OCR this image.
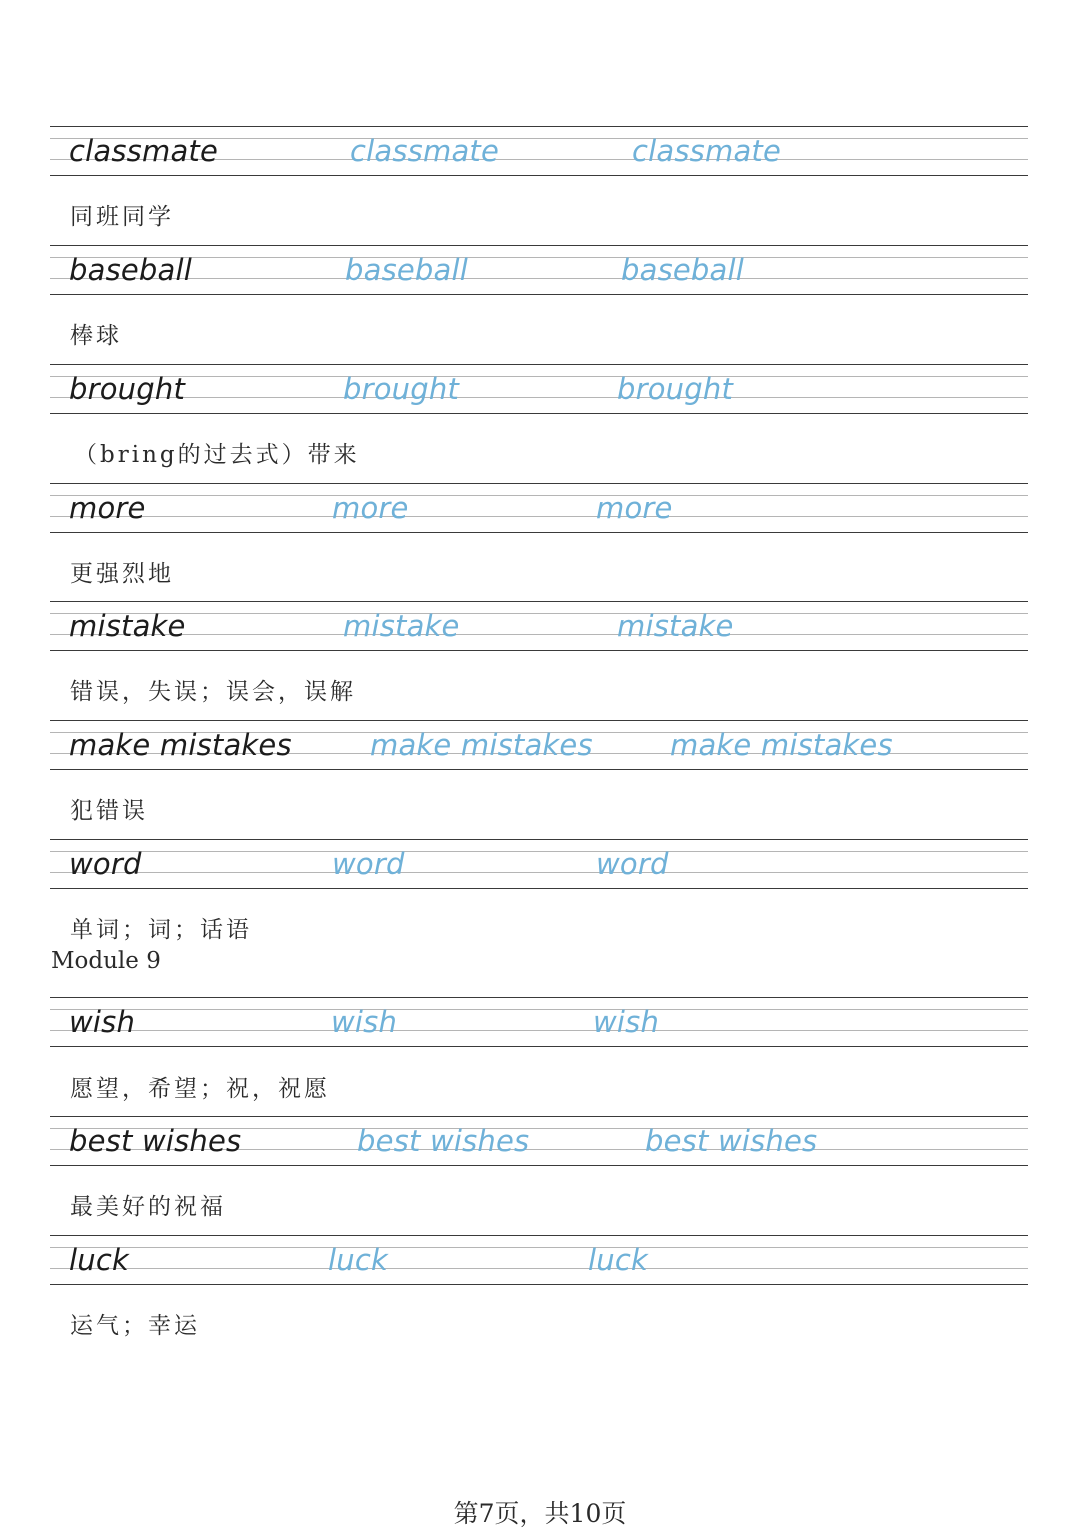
classmate	classmate	classmate
同班同学
baseball	baseball	baseball
棒球
brought	brought	brought
（bring的过去式）带来
more	more	more
更强烈地
mistake	mistake	mistake
错误，失误；误会，误解
make mistakes	make mistakes	make mistakes
犯错误
word	word	word
单词；词；话语
Module 9
wish	wish	wish
愿望，希望；祝，祝愿
best wishes	best wishes	best wishes
最美好的祝福
luck	luck	luck
运气；幸运
第7页，共10页
